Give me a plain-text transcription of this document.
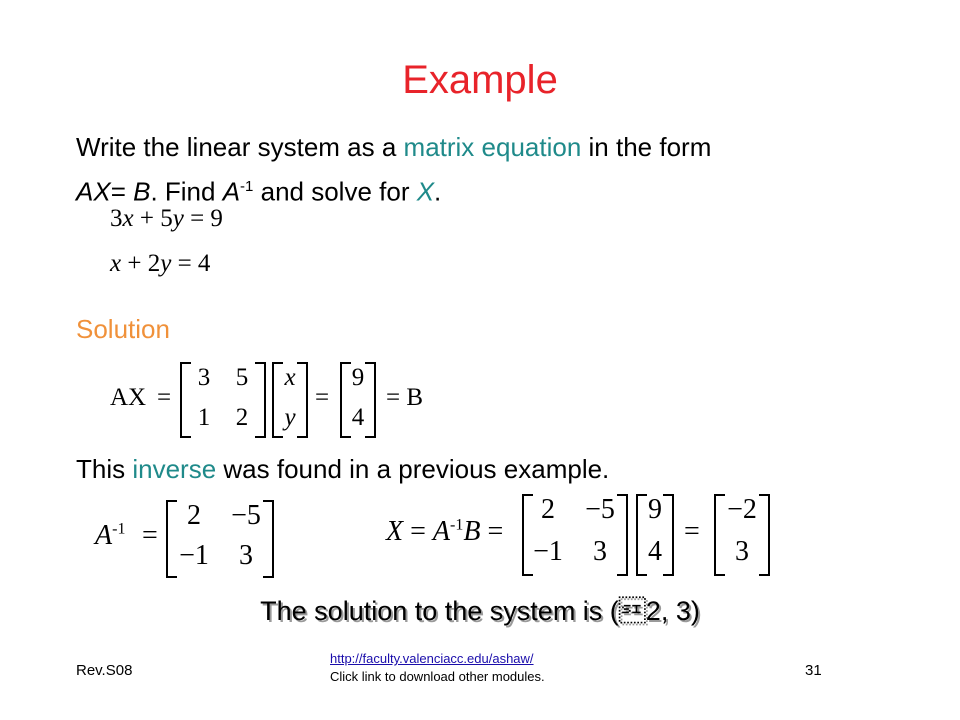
Example
Write the linear system as a matrix equation in the form
AX= B. Find $A^{-1}$ and solve for X.
3x + 5y = 9
x + 2y = 4
Solution
AX =
3	5
1	2
x
y
=
9
4
= B
This inverse was found in a previous example.
$A^{-1}$ =
2	−5
−1	3
$X = A^{-1}B$ =
2	−5
−1	3
9
4
=
−2
3
The solution to the system is (2, 3)
Rev.S08
http://faculty.valenciacc.edu/ashaw/
Click link to download other modules.	31
